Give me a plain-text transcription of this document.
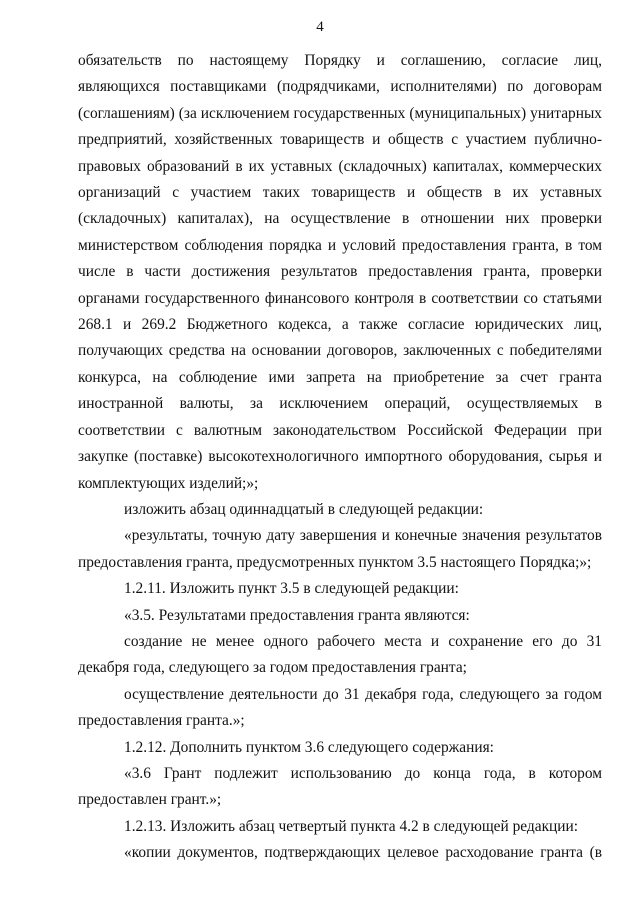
4

обязательств по настоящему Порядку и соглашению, согласие лиц, являющихся поставщиками (подрядчиками, исполнителями) по договорам (соглашениям) (за исключением государственных (муниципальных) унитарных предприятий, хозяйственных товариществ и обществ с участием публично-правовых образований в их уставных (складочных) капиталах, коммерческих организаций с участием таких товариществ и обществ в их уставных (складочных) капиталах), на осуществление в отношении них проверки министерством соблюдения порядка и условий предоставления гранта, в том числе в части достижения результатов предоставления гранта, проверки органами государственного финансового контроля в соответствии со статьями 268.1 и 269.2 Бюджетного кодекса, а также согласие юридических лиц, получающих средства на основании договоров, заключенных с победителями конкурса, на соблюдение ими запрета на приобретение за счет гранта иностранной валюты, за исключением операций, осуществляемых в соответствии с валютным законодательством Российской Федерации при закупке (поставке) высокотехнологичного импортного оборудования, сырья и комплектующих изделий;»;

изложить абзац одиннадцатый в следующей редакции:

«результаты, точную дату завершения и конечные значения результатов предоставления гранта, предусмотренных пунктом 3.5 настоящего Порядка;»;

1.2.11. Изложить пункт 3.5 в следующей редакции:

«3.5. Результатами предоставления гранта являются:

создание не менее одного рабочего места и сохранение его до 31 декабря года, следующего за годом предоставления гранта;

осуществление деятельности до 31 декабря года, следующего за годом предоставления гранта.»;

1.2.12. Дополнить пунктом 3.6 следующего содержания:

«3.6 Грант подлежит использованию до конца года, в котором предоставлен грант.»;

1.2.13. Изложить абзац четвертый пункта 4.2 в следующей редакции:

«копии документов, подтверждающих целевое расходование гранта (в
